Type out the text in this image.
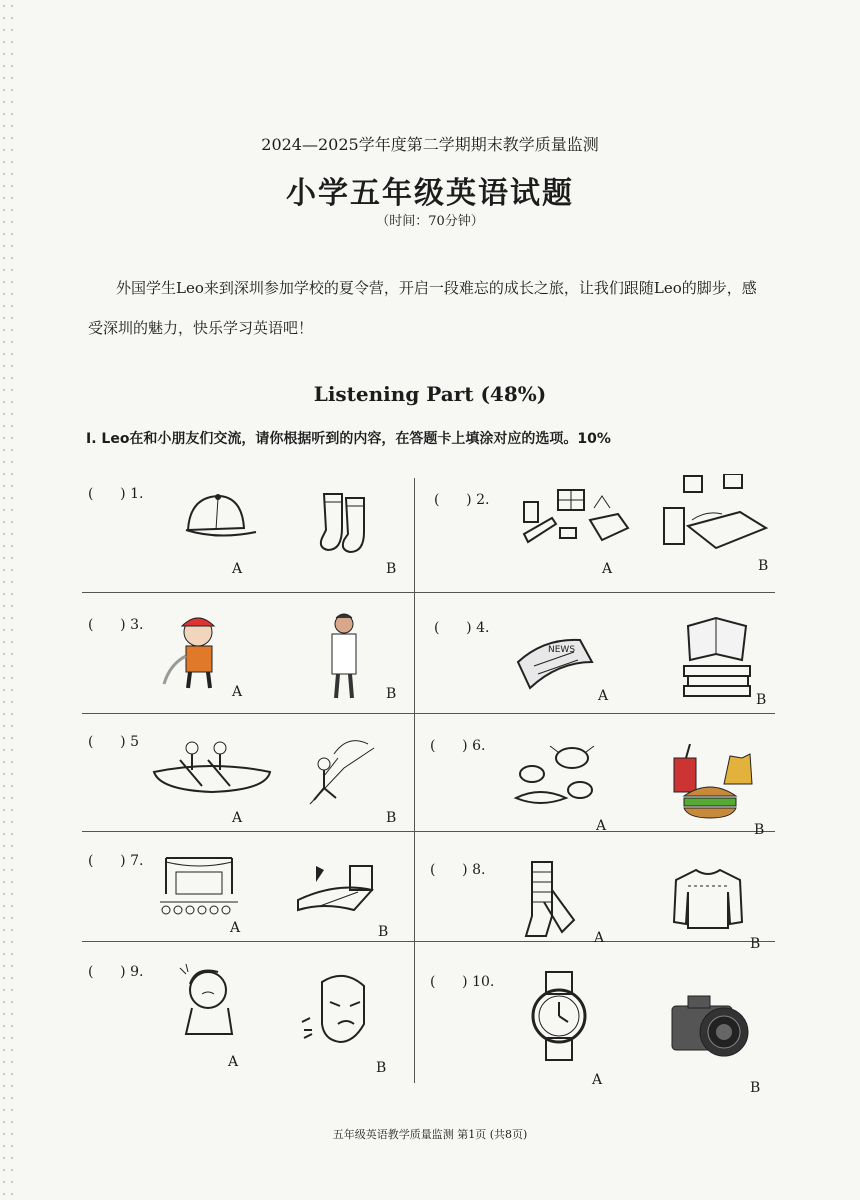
2024—2025学年度第二学期期末教学质量监测
小学五年级英语试题
（时间：70分钟）
外国学生Leo来到深圳参加学校的夏令营，开启一段难忘的成长之旅，让我们跟随Leo的脚步，感受深圳的魅力，快乐学习英语吧！
Listening Part (48%)
Ⅰ. Leo在和小朋友们交流，请你根据听到的内容，在答题卡上填涂对应的选项。10%
(      ) 1.
A	B
(      ) 2.
A	B
(      ) 3.
A	B
(      ) 4.
NEWS
A	B
(      ) 5
A	B
(      ) 6.
A	B
(      ) 7.
A	B
(      ) 8.
A	B
(      ) 9.
A	B
(      ) 10.
A	B
五年级英语教学质量监测 第1页 (共8页)
